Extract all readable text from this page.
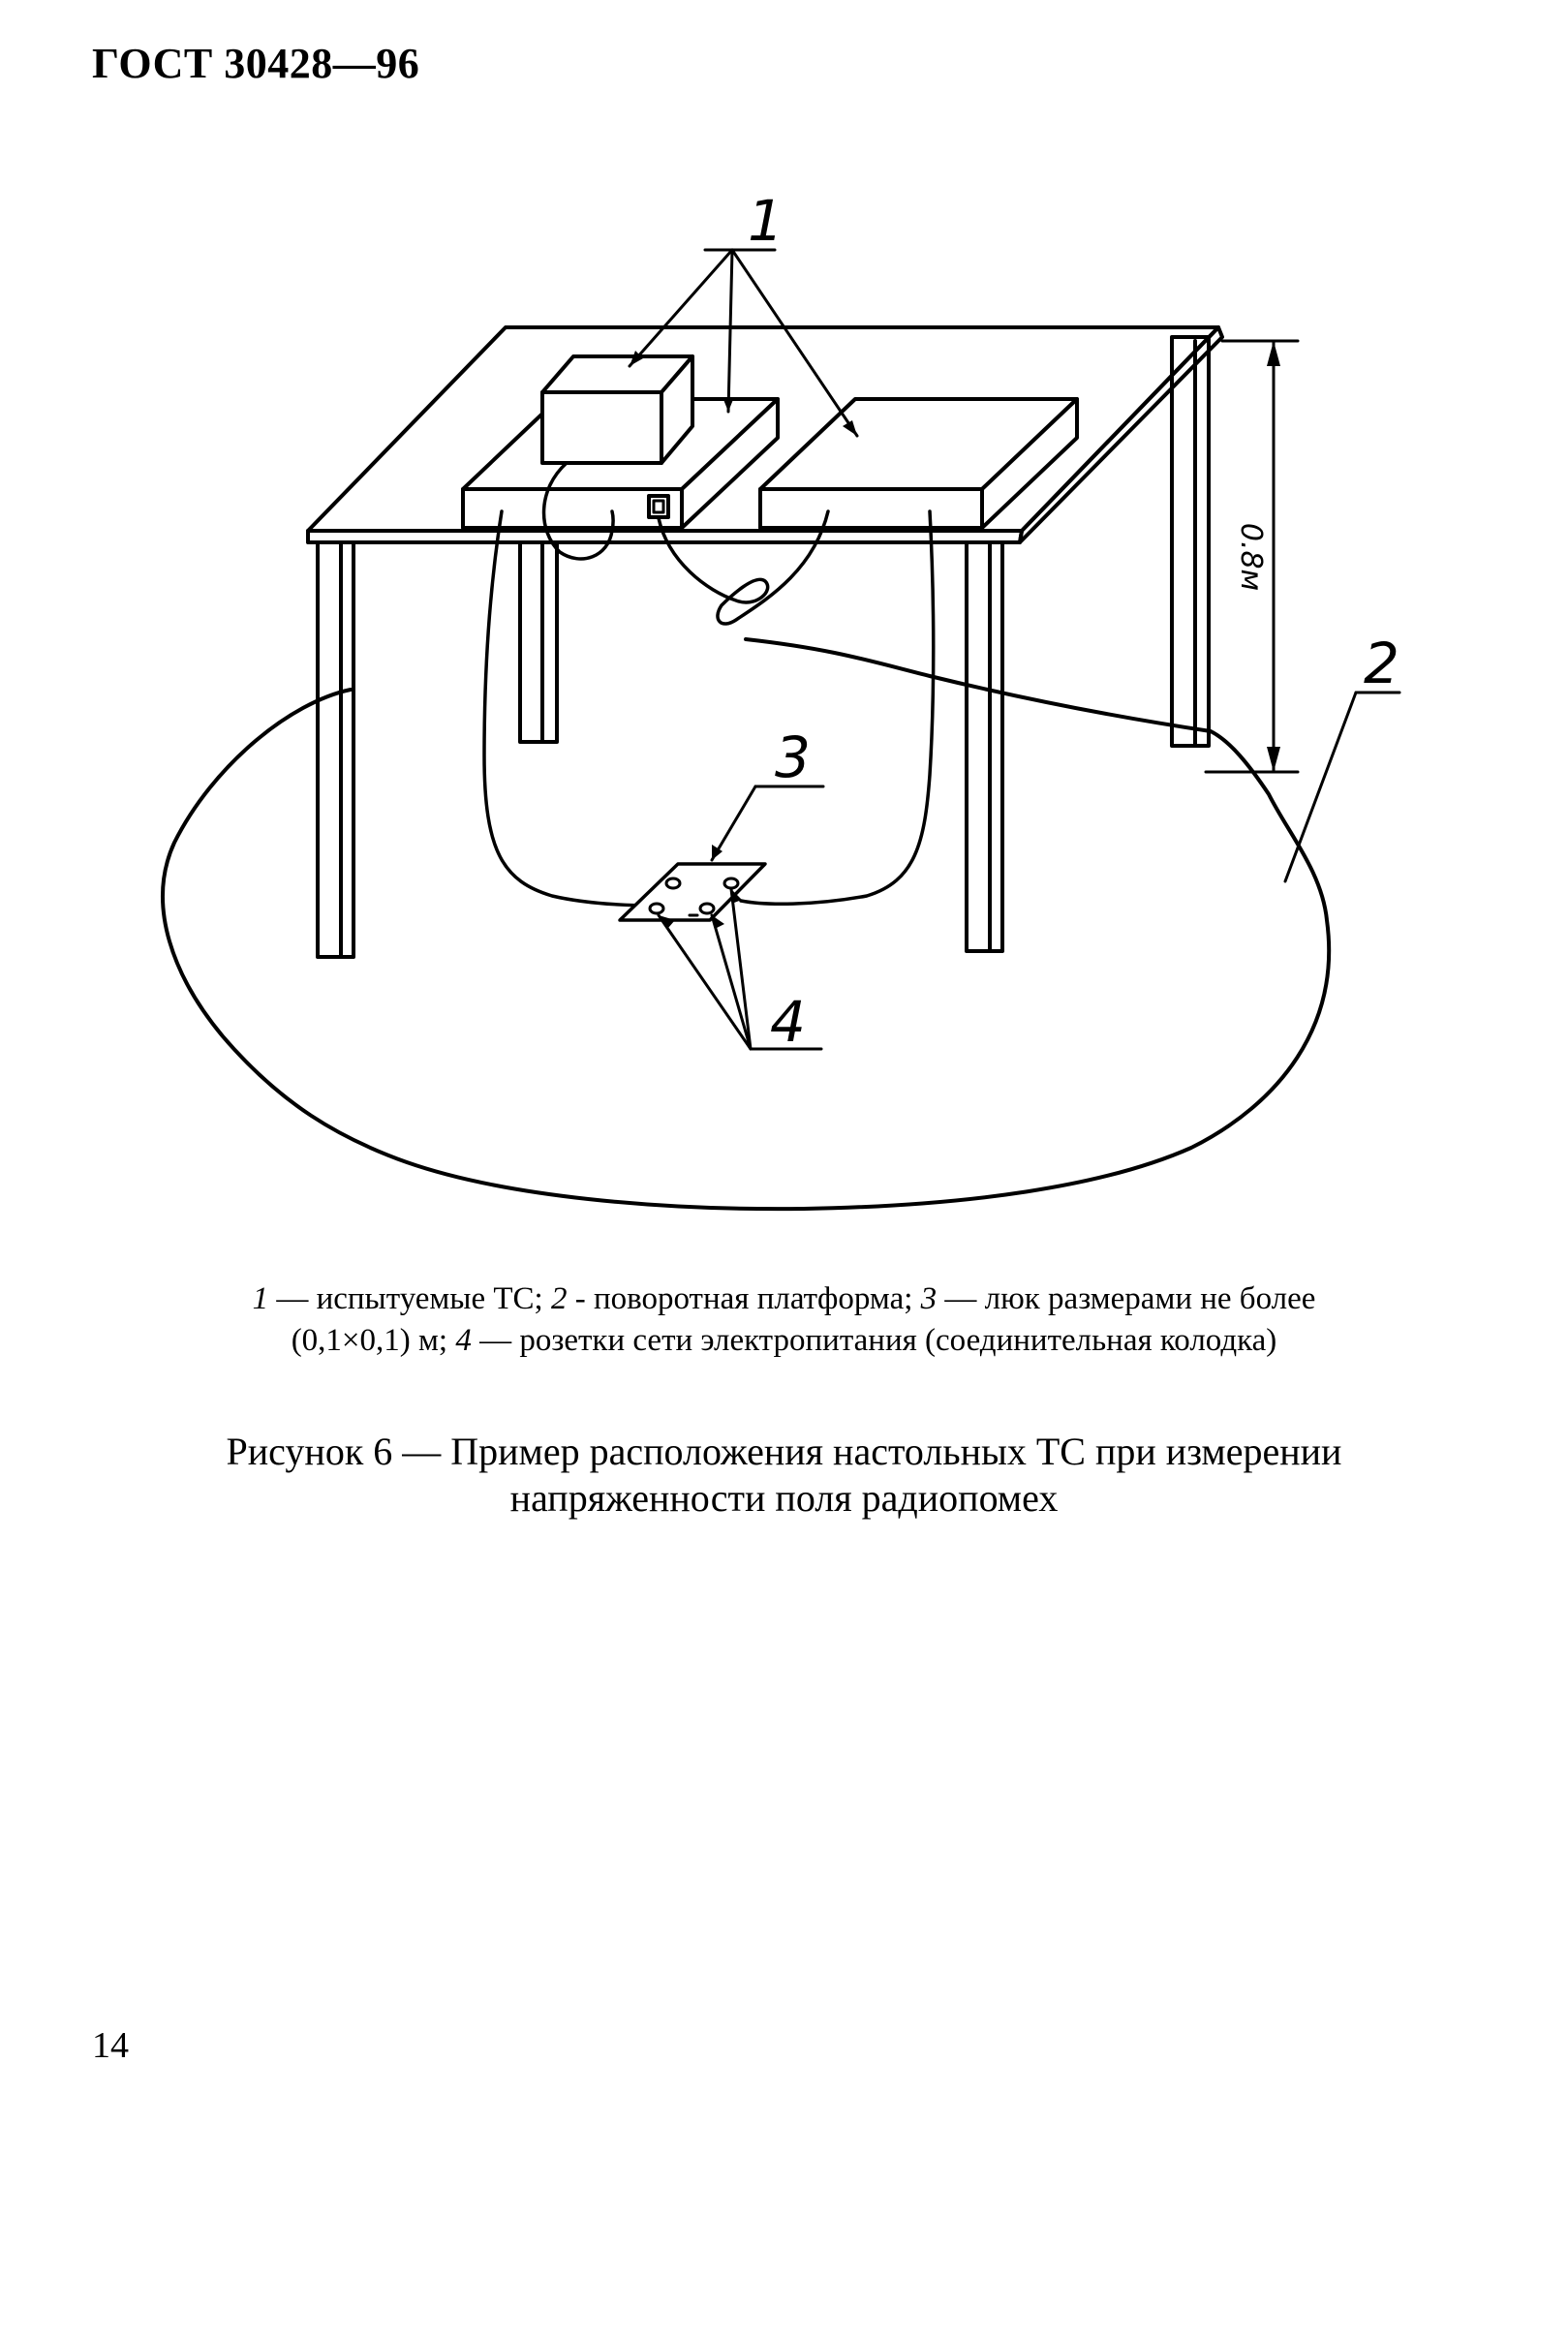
ГОСТ 30428—96
0.8м
1
2
3
4
1 — испытуемые ТС; 2 - поворотная платформа; 3 — люк размерами не более
(0,1×0,1) м; 4 — розетки сети электропитания (соединительная колодка)
Рисунок 6 — Пример расположения настольных ТС при измерении
напряженности поля радиопомех
14
